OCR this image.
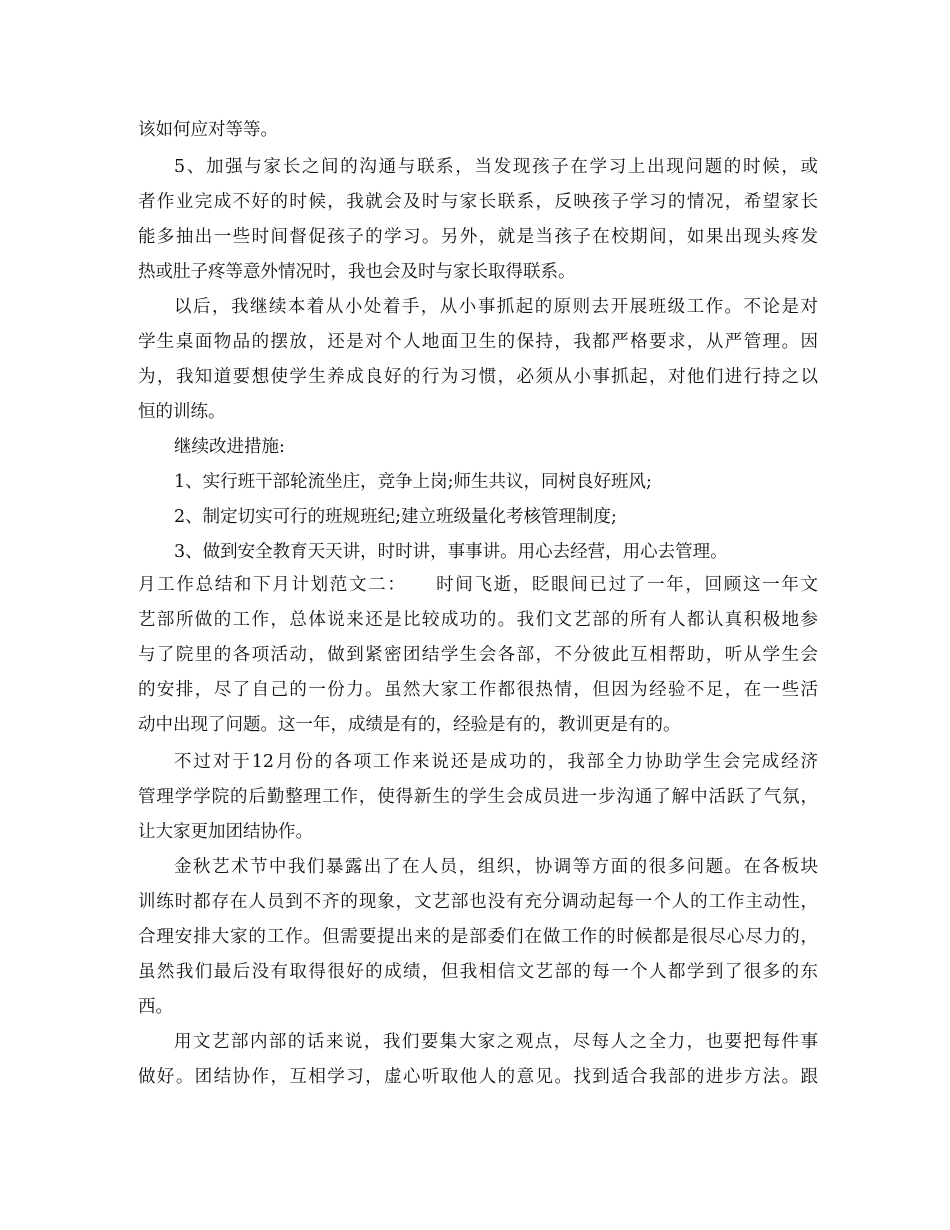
该如何应对等等。
5、加强与家长之间的沟通与联系，当发现孩子在学习上出现问题的时候，或
者作业完成不好的时候，我就会及时与家长联系，反映孩子学习的情况，希望家长
能多抽出一些时间督促孩子的学习。另外，就是当孩子在校期间，如果出现头疼发
热或肚子疼等意外情况时，我也会及时与家长取得联系。
以后，我继续本着从小处着手，从小事抓起的原则去开展班级工作。不论是对
学生桌面物品的摆放，还是对个人地面卫生的保持，我都严格要求，从严管理。因
为，我知道要想使学生养成良好的行为习惯，必须从小事抓起，对他们进行持之以
恒的训练。
继续改进措施:
1、实行班干部轮流坐庄，竞争上岗;师生共议，同树良好班风;
2、制定切实可行的班规班纪;建立班级量化考核管理制度;
3、做到安全教育天天讲，时时讲，事事讲。用心去经营，用心去管理。
月工作总结和下月计划范文二：　　时间飞逝，眨眼间已过了一年，回顾这一年文
艺部所做的工作，总体说来还是比较成功的。我们文艺部的所有人都认真积极地参
与了院里的各项活动，做到紧密团结学生会各部，不分彼此互相帮助，听从学生会
的安排，尽了自己的一份力。虽然大家工作都很热情，但因为经验不足，在一些活
动中出现了问题。这一年，成绩是有的，经验是有的，教训更是有的。
不过对于12月份的各项工作来说还是成功的，我部全力协助学生会完成经济
管理学学院的后勤整理工作，使得新生的学生会成员进一步沟通了解中活跃了气氛，
让大家更加团结协作。
金秋艺术节中我们暴露出了在人员，组织，协调等方面的很多问题。在各板块
训练时都存在人员到不齐的现象，文艺部也没有充分调动起每一个人的工作主动性，
合理安排大家的工作。但需要提出来的是部委们在做工作的时候都是很尽心尽力的，
虽然我们最后没有取得很好的成绩，但我相信文艺部的每一个人都学到了很多的东
西。
用文艺部内部的话来说，我们要集大家之观点，尽每人之全力，也要把每件事
做好。团结协作，互相学习，虚心听取他人的意见。找到适合我部的进步方法。跟
